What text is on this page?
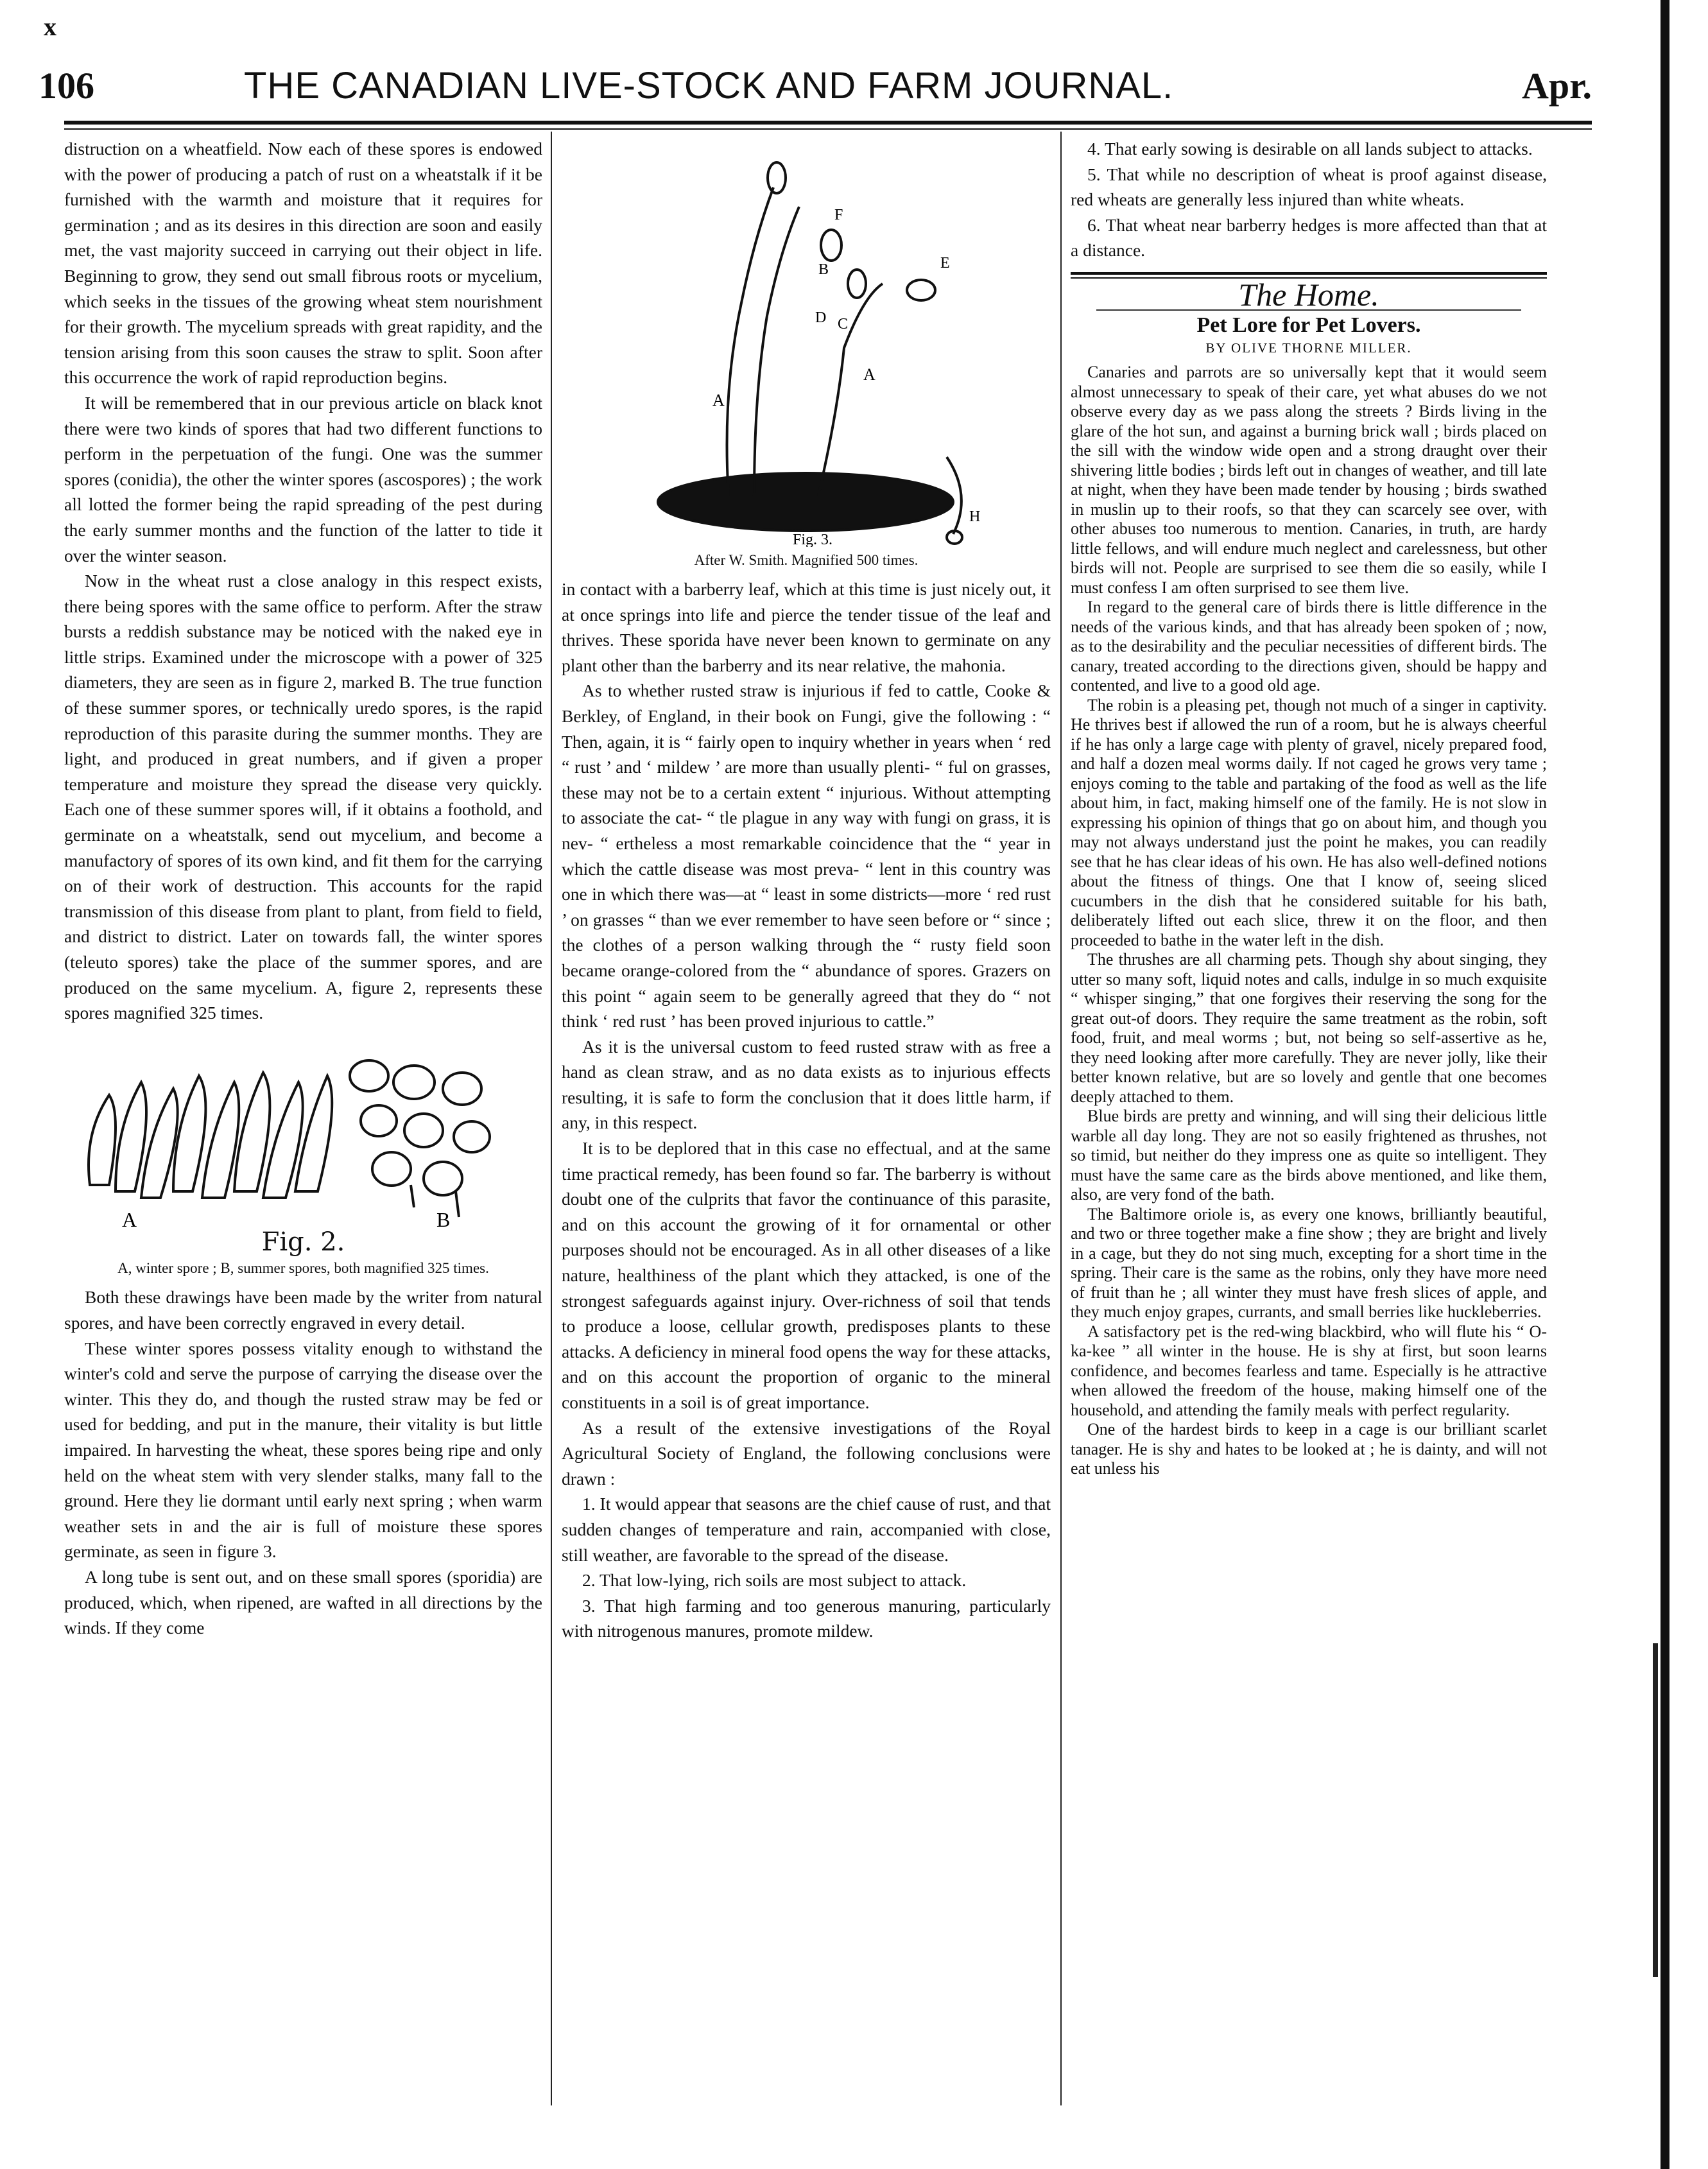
x
106	THE CANADIAN LIVE-STOCK AND FARM JOURNAL.	Apr.

distruction on a wheatfield. Now each of these spores is endowed with the power of producing a patch of rust on a wheatstalk if it be furnished with the warmth and moisture that it requires for germination ; and as its desires in this direction are soon and easily met, the vast majority succeed in carrying out their object in life. Beginning to grow, they send out small fibrous roots or mycelium, which seeks in the tissues of the growing wheat stem nourishment for their growth. The mycelium spreads with great rapidity, and the tension arising from this soon causes the straw to split. Soon after this occurrence the work of rapid reproduction begins.

It will be remembered that in our previous article on black knot there were two kinds of spores that had two different functions to perform in the perpetuation of the fungi. One was the summer spores (conidia), the other the winter spores (ascospores) ; the work all lotted the former being the rapid spreading of the pest during the early summer months and the function of the latter to tide it over the winter season.

Now in the wheat rust a close analogy in this respect exists, there being spores with the same office to perform. After the straw bursts a reddish substance may be noticed with the naked eye in little strips. Examined under the microscope with a power of 325 diameters, they are seen as in figure 2, marked B. The true function of these summer spores, or technically uredo spores, is the rapid reproduction of this parasite during the summer months. They are light, and produced in great numbers, and if given a proper temperature and moisture they spread the disease very quickly. Each one of these summer spores will, if it obtains a foothold, and germinate on a wheatstalk, send out mycelium, and become a manufactory of spores of its own kind, and fit them for the carrying on of their work of destruction. This accounts for the rapid transmission of this disease from plant to plant, from field to field, and district to district. Later on towards fall, the winter spores (teleuto spores) take the place of the summer spores, and are produced on the same mycelium. A, figure 2, represents these spores magnified 325 times.

A	B
Fig. 2.
A, winter spore ; B, summer spores, both magnified 325 times.

Both these drawings have been made by the writer from natural spores, and have been correctly engraved in every detail.

These winter spores possess vitality enough to withstand the winter's cold and serve the purpose of carrying the disease over the winter. This they do, and though the rusted straw may be fed or used for bedding, and put in the manure, their vitality is but little impaired. In harvesting the wheat, these spores being ripe and only held on the wheat stem with very slender stalks, many fall to the ground. Here they lie dormant until early next spring ; when warm weather sets in and the air is full of moisture these spores germinate, as seen in figure 3.

A long tube is sent out, and on these small spores (sporidia) are produced, which, when ripened, are wafted in all directions by the winds. If they come

A
A
F
B
D C
E
H
Fig. 3.
After W. Smith. Magnified 500 times.

in contact with a barberry leaf, which at this time is just nicely out, it at once springs into life and pierce the tender tissue of the leaf and thrives. These sporida have never been known to germinate on any plant other than the barberry and its near relative, the mahonia.

As to whether rusted straw is injurious if fed to cattle, Cooke & Berkley, of England, in their book on Fungi, give the following : “ Then, again, it is “ fairly open to inquiry whether in years when ‘ red “ rust ’ and ‘ mildew ’ are more than usually plenti- “ ful on grasses, these may not be to a certain extent “ injurious. Without attempting to associate the cat- “ tle plague in any way with fungi on grass, it is nev- “ ertheless a most remarkable coincidence that the “ year in which the cattle disease was most preva- “ lent in this country was one in which there was—at “ least in some districts—more ‘ red rust ’ on grasses “ than we ever remember to have seen before or “ since ; the clothes of a person walking through the “ rusty field soon became orange-colored from the “ abundance of spores. Grazers on this point “ again seem to be generally agreed that they do “ not think ‘ red rust ’ has been proved injurious to cattle.”

As it is the universal custom to feed rusted straw with as free a hand as clean straw, and as no data exists as to injurious effects resulting, it is safe to form the conclusion that it does little harm, if any, in this respect.

It is to be deplored that in this case no effectual, and at the same time practical remedy, has been found so far. The barberry is without doubt one of the culprits that favor the continuance of this parasite, and on this account the growing of it for ornamental or other purposes should not be encouraged. As in all other diseases of a like nature, healthiness of the plant which they attacked, is one of the strongest safeguards against injury. Over-richness of soil that tends to produce a loose, cellular growth, predisposes plants to these attacks. A deficiency in mineral food opens the way for these attacks, and on this account the proportion of organic to the mineral constituents in a soil is of great importance.

As a result of the extensive investigations of the Royal Agricultural Society of England, the following conclusions were drawn :

1. It would appear that seasons are the chief cause of rust, and that sudden changes of temperature and rain, accompanied with close, still weather, are favorable to the spread of the disease.

2. That low-lying, rich soils are most subject to attack.

3. That high farming and too generous manuring, particularly with nitrogenous manures, promote mildew.

4. That early sowing is desirable on all lands subject to attacks.

5. That while no description of wheat is proof against disease, red wheats are generally less injured than white wheats.

6. That wheat near barberry hedges is more affected than that at a distance.

The Home.
Pet Lore for Pet Lovers.
BY OLIVE THORNE MILLER.

Canaries and parrots are so universally kept that it would seem almost unnecessary to speak of their care, yet what abuses do we not observe every day as we pass along the streets ? Birds living in the glare of the hot sun, and against a burning brick wall ; birds placed on the sill with the window wide open and a strong draught over their shivering little bodies ; birds left out in changes of weather, and till late at night, when they have been made tender by housing ; birds swathed in muslin up to their roofs, so that they can scarcely see over, with other abuses too numerous to mention. Canaries, in truth, are hardy little fellows, and will endure much neglect and carelessness, but other birds will not. People are surprised to see them die so easily, while I must confess I am often surprised to see them live.

In regard to the general care of birds there is little difference in the needs of the various kinds, and that has already been spoken of ; now, as to the desirability and the peculiar necessities of different birds. The canary, treated according to the directions given, should be happy and contented, and live to a good old age.

The robin is a pleasing pet, though not much of a singer in captivity. He thrives best if allowed the run of a room, but he is always cheerful if he has only a large cage with plenty of gravel, nicely prepared food, and half a dozen meal worms daily. If not caged he grows very tame ; enjoys coming to the table and partaking of the food as well as the life about him, in fact, making himself one of the family. He is not slow in expressing his opinion of things that go on about him, and though you may not always understand just the point he makes, you can readily see that he has clear ideas of his own. He has also well-defined notions about the fitness of things. One that I know of, seeing sliced cucumbers in the dish that he considered suitable for his bath, deliberately lifted out each slice, threw it on the floor, and then proceeded to bathe in the water left in the dish.

The thrushes are all charming pets. Though shy about singing, they utter so many soft, liquid notes and calls, indulge in so much exquisite “ whisper singing,” that one forgives their reserving the song for the great out-of doors. They require the same treatment as the robin, soft food, fruit, and meal worms ; but, not being so self-assertive as he, they need looking after more carefully. They are never jolly, like their better known relative, but are so lovely and gentle that one becomes deeply attached to them.

Blue birds are pretty and winning, and will sing their delicious little warble all day long. They are not so easily frightened as thrushes, not so timid, but neither do they impress one as quite so intelligent. They must have the same care as the birds above mentioned, and like them, also, are very fond of the bath.

The Baltimore oriole is, as every one knows, brilliantly beautiful, and two or three together make a fine show ; they are bright and lively in a cage, but they do not sing much, excepting for a short time in the spring. Their care is the same as the robins, only they have more need of fruit than he ; all winter they must have fresh slices of apple, and they much enjoy grapes, currants, and small berries like huckleberries.

A satisfactory pet is the red-wing blackbird, who will flute his “ O-ka-kee ” all winter in the house. He is shy at first, but soon learns confidence, and becomes fearless and tame. Especially is he attractive when allowed the freedom of the house, making himself one of the household, and attending the family meals with perfect regularity.

One of the hardest birds to keep in a cage is our brilliant scarlet tanager. He is shy and hates to be looked at ; he is dainty, and will not eat unless his
